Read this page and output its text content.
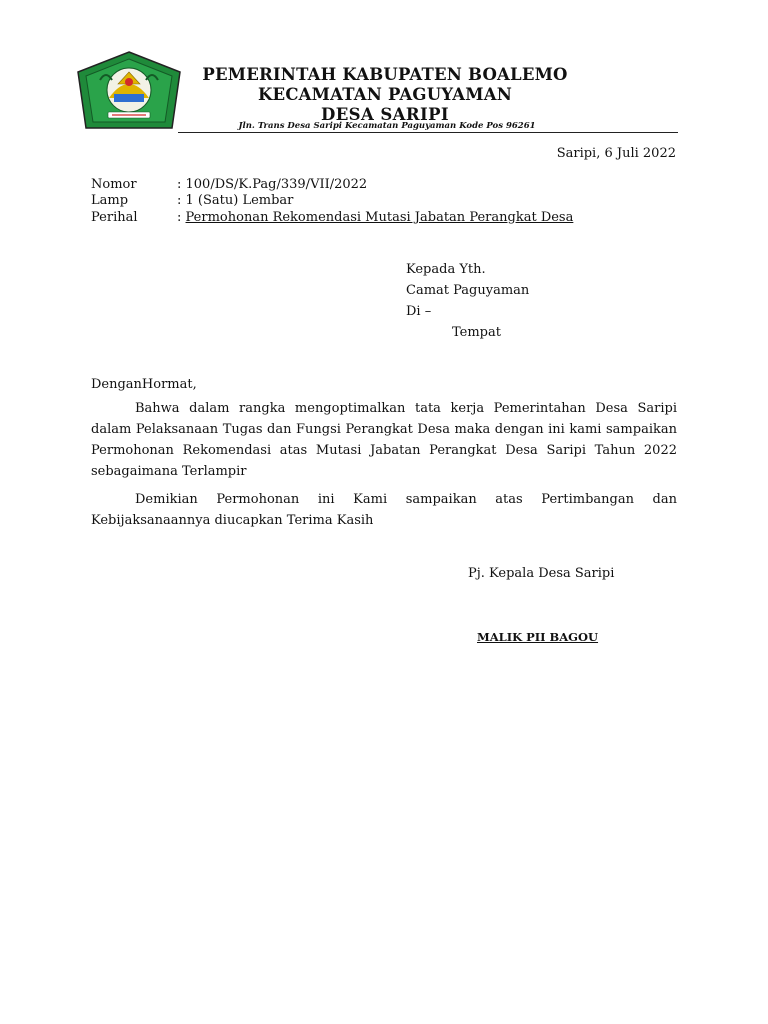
PEMERINTAH KABUPATEN BOALEMO
KECAMATAN PAGUYAMAN
DESA SARIPI
Jln. Trans Desa Saripi Kecamatan Paguyaman Kode Pos 96261
Saripi, 6 Juli 2022
Nomor	: 100/DS/K.Pag/339/VII/2022
Lamp	: 1 (Satu) Lembar
Perihal	: Permohonan Rekomendasi Mutasi Jabatan Perangkat Desa
Kepada Yth.
Camat Paguyaman
Di –
Tempat
DenganHormat,

Bahwa dalam rangka mengoptimalkan tata kerja Pemerintahan Desa Saripi dalam Pelaksanaan Tugas dan Fungsi Perangkat Desa maka dengan ini kami sampaikan Permohonan Rekomendasi atas Mutasi Jabatan Perangkat Desa Saripi Tahun 2022 sebagaimana Terlampir

Demikian Permohonan ini Kami sampaikan atas Pertimbangan dan Kebijaksanaannya diucapkan Terima Kasih

Pj. Kepala Desa Saripi
MALIK PII BAGOU
